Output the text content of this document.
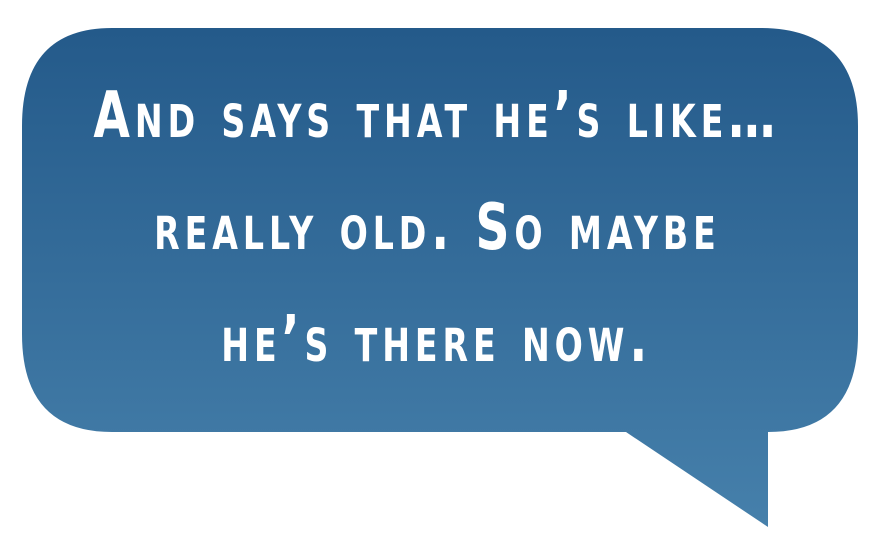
And says that he’s like…
really old. So maybe
he’s there now.
